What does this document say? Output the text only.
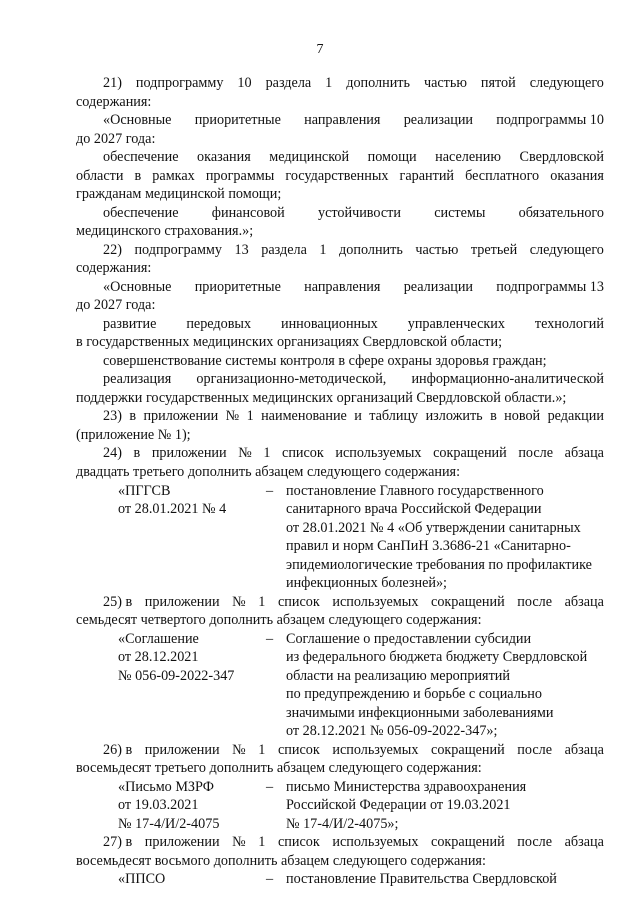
7
21) подпрограмму 10 раздела 1 дополнить частью пятой следующего
содержания:
«Основные приоритетные направления реализации подпрограммы 10
до 2027 года:
обеспечение оказания медицинской помощи населению Свердловской
области в рамках программы государственных гарантий бесплатного оказания
гражданам медицинской помощи;
обеспечение финансовой устойчивости системы обязательного
медицинского страхования.»;
22) подпрограмму 13 раздела 1 дополнить частью третьей следующего
содержания:
«Основные приоритетные направления реализации подпрограммы 13
до 2027 года:
развитие передовых инновационных управленческих технологий
в государственных медицинских организациях Свердловской области;
совершенствование системы контроля в сфере охраны здоровья граждан;
реализация организационно-методической, информационно-аналитической
поддержки государственных медицинских организаций Свердловской области.»;
23) в приложении № 1 наименование и таблицу изложить в новой редакции
(приложение № 1);
24) в приложении № 1 список используемых сокращений после абзаца
двадцать третьего дополнить абзацем следующего содержания:
«ПГГСВ
от 28.01.2021 № 4
– постановление Главного государственного
санитарного врача Российской Федерации
от 28.01.2021 № 4 «Об утверждении санитарных
правил и норм СанПиН 3.3686-21 «Санитарно-
эпидемиологические требования по профилактике
инфекционных болезней»;
25) в приложении № 1 список используемых сокращений после абзаца
семьдесят четвертого дополнить абзацем следующего содержания:
«Соглашение
от 28.12.2021
№ 056-09-2022-347
– Соглашение о предоставлении субсидии
из федерального бюджета бюджету Свердловской
области на реализацию мероприятий
по предупреждению и борьбе с социально
значимыми инфекционными заболеваниями
от 28.12.2021 № 056-09-2022-347»;
26) в приложении № 1 список используемых сокращений после абзаца
восемьдесят третьего дополнить абзацем следующего содержания:
«Письмо МЗРФ
от 19.03.2021
№ 17-4/И/2-4075
– письмо Министерства здравоохранения
Российской Федерации от 19.03.2021
№ 17-4/И/2-4075»;
27) в приложении № 1 список используемых сокращений после абзаца
восемьдесят восьмого дополнить абзацем следующего содержания:
«ППСО	– постановление Правительства Свердловской
